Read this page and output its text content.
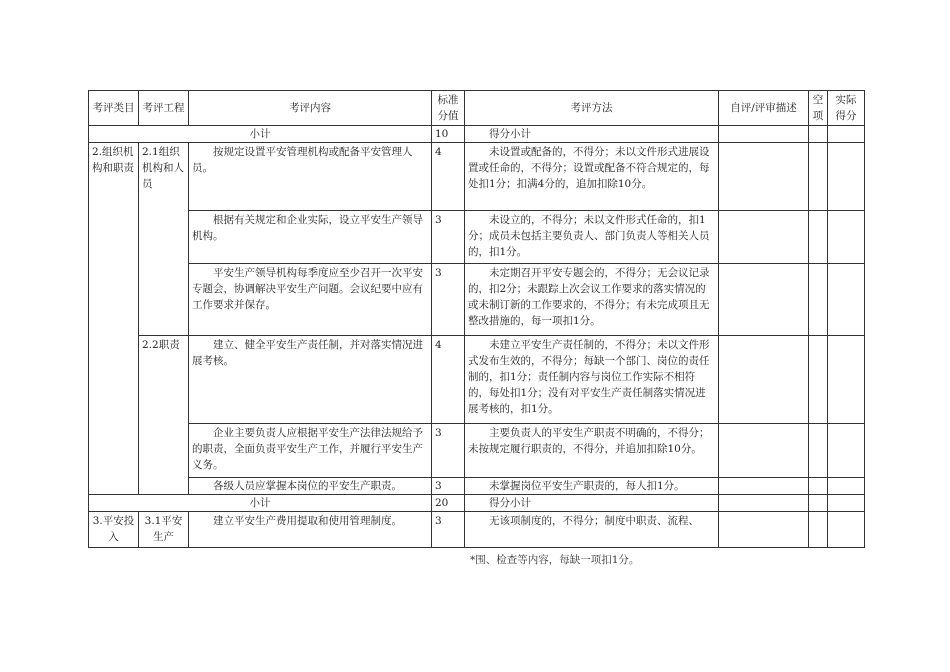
考评类目	考评工程	考评内容	标准分值	考评方法	自评/评审描述	空项	实际得分
小计			10	得分小计			
2.组织机构和职责	2.1组织机构和人员	按规定设置平安管理机构或配备平安管理人员。	4	未设置或配备的，不得分；未以文件形式进展设置或任命的，不得分；设置或配备不符合规定的，每处扣1分；扣满4分的，追加扣除10分。			
		根据有关规定和企业实际，设立平安生产领导机构。	3	未设立的，不得分；未以文件形式任命的，扣1分；成员未包括主要负责人、部门负责人等相关人员的，扣1分。			
		平安生产领导机构每季度应至少召开一次平安专题会，协调解决平安生产问题。会议纪要中应有工作要求并保存。	3	未定期召开平安专题会的，不得分；无会议记录的，扣2分；未跟踪上次会议工作要求的落实情况的或未制订新的工作要求的，不得分；有未完成项且无整改措施的，每一项扣1分。			
	2.2职责	建立、健全平安生产责任制，并对落实情况进展考核。	4	未建立平安生产责任制的，不得分；未以文件形式发布生效的，不得分；每缺一个部门、岗位的责任制的，扣1分；责任制内容与岗位工作实际不相符的，每处扣1分；没有对平安生产责任制落实情况进展考核的，扣1分。			
		企业主要负责人应根据平安生产法律法规给予的职责，全面负责平安生产工作，并履行平安生产义务。	3	主要负责人的平安生产职责不明确的，不得分；未按规定履行职责的，不得分，并追加扣除10分。			
		各级人员应掌握本岗位的平安生产职责。	3	未掌握岗位平安生产职责的，每人扣1分。			
小计			20	得分小计			
3.平安投入	3.1平安生产	建立平安生产费用提取和使用管理制度。	3	无该项制度的，不得分；制度中职责、流程、			
*围、检查等内容，每缺一项扣1分。
